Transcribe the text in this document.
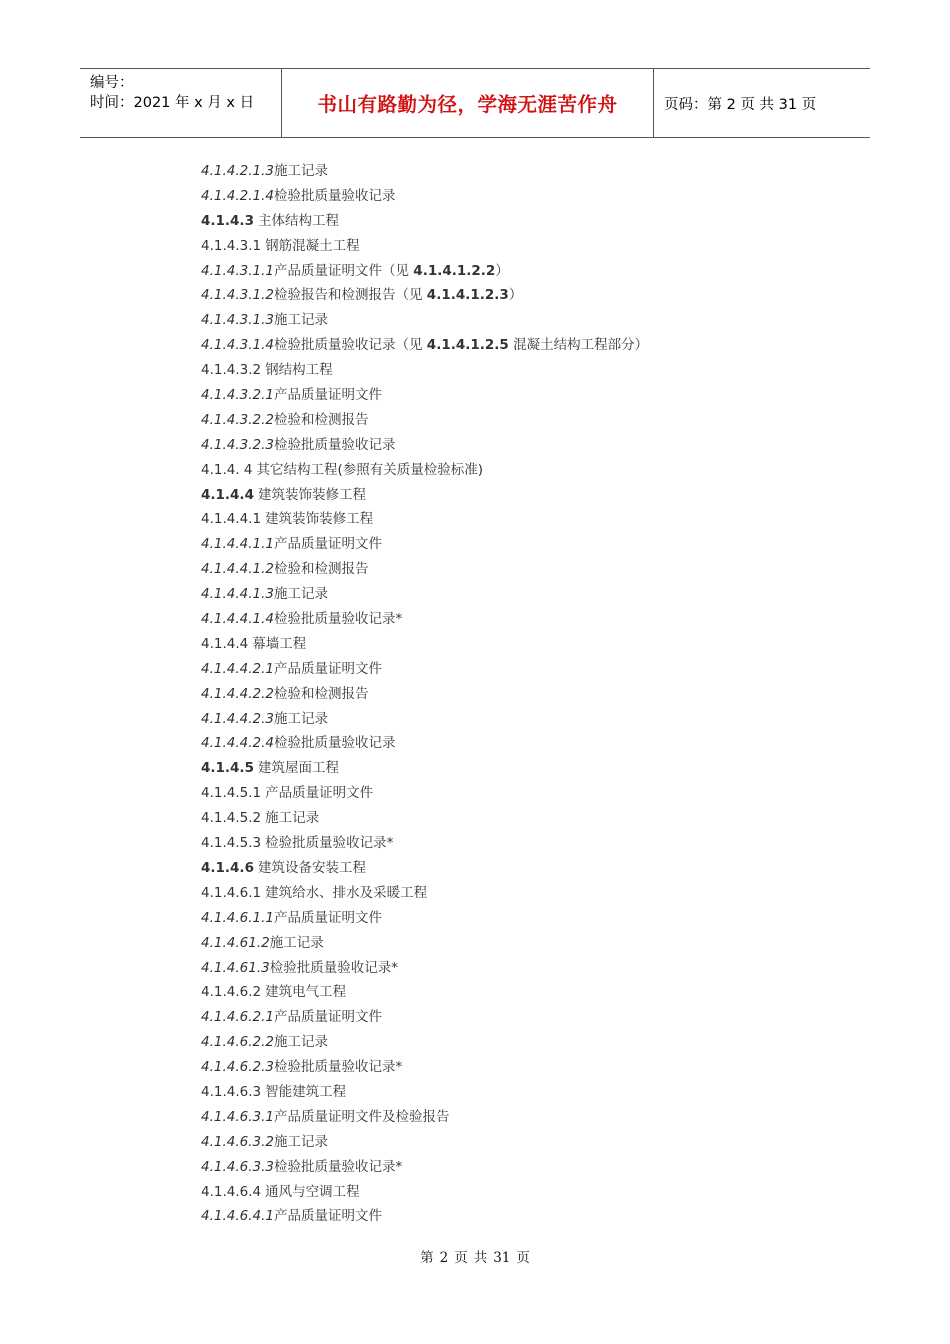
编号：
时间：2021 年 x 月 x 日	书山有路勤为径，学海无涯苦作舟	页码：第 2 页 共 31 页
4.1.4.2.1.3施工记录
4.1.4.2.1.4检验批质量验收记录
4.1.4.3 主体结构工程
4.1.4.3.1 钢筋混凝土工程
4.1.4.3.1.1产品质量证明文件（见 4.1.4.1.2.2）
4.1.4.3.1.2检验报告和检测报告（见 4.1.4.1.2.3）
4.1.4.3.1.3施工记录
4.1.4.3.1.4检验批质量验收记录（见 4.1.4.1.2.5 混凝土结构工程部分）
4.1.4.3.2 钢结构工程
4.1.4.3.2.1产品质量证明文件
4.1.4.3.2.2检验和检测报告
4.1.4.3.2.3检验批质量验收记录
4.1.4. 4 其它结构工程(参照有关质量检验标准)
4.1.4.4 建筑装饰装修工程
4.1.4.4.1 建筑装饰装修工程
4.1.4.4.1.1产品质量证明文件
4.1.4.4.1.2检验和检测报告
4.1.4.4.1.3施工记录
4.1.4.4.1.4检验批质量验收记录*
4.1.4.4 幕墙工程
4.1.4.4.2.1产品质量证明文件
4.1.4.4.2.2检验和检测报告
4.1.4.4.2.3施工记录
4.1.4.4.2.4检验批质量验收记录
4.1.4.5 建筑屋面工程
4.1.4.5.1 产品质量证明文件
4.1.4.5.2 施工记录
4.1.4.5.3 检验批质量验收记录*
4.1.4.6 建筑设备安装工程
4.1.4.6.1 建筑给水、排水及采暖工程
4.1.4.6.1.1产品质量证明文件
4.1.4.61.2施工记录
4.1.4.61.3检验批质量验收记录*
4.1.4.6.2 建筑电气工程
4.1.4.6.2.1产品质量证明文件
4.1.4.6.2.2施工记录
4.1.4.6.2.3检验批质量验收记录*
4.1.4.6.3 智能建筑工程
4.1.4.6.3.1产品质量证明文件及检验报告
4.1.4.6.3.2施工记录
4.1.4.6.3.3检验批质量验收记录*
4.1.4.6.4 通风与空调工程
4.1.4.6.4.1产品质量证明文件
第 2 页 共 31 页
